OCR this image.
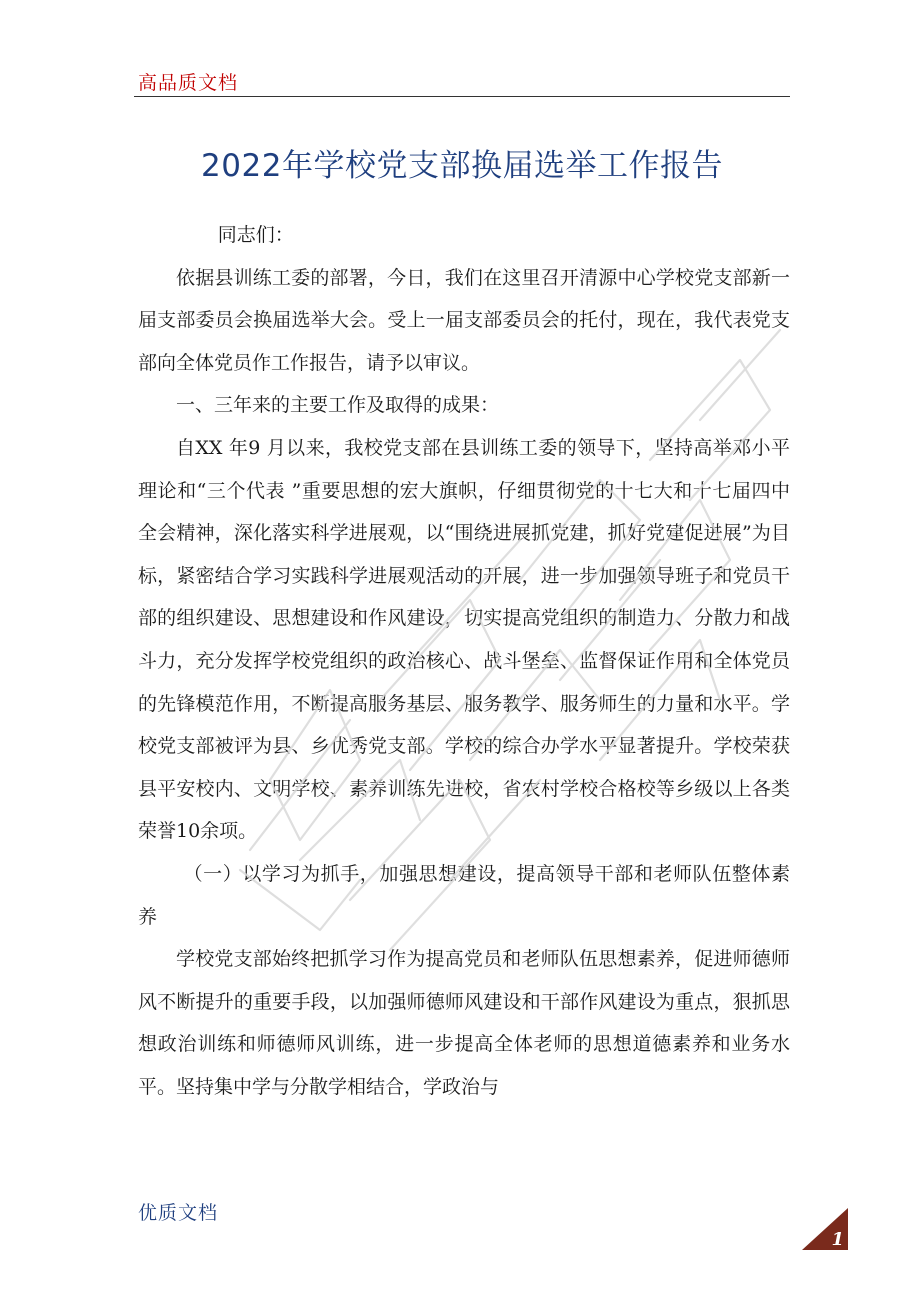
高品质文档
2022年学校党支部换届选举工作报告

同志们：

依据县训练工委的部署，今日，我们在这里召开清源中心学校党支部新一届支部委员会换届选举大会。受上一届支部委员会的托付，现在，我代表党支部向全体党员作工作报告，请予以审议。

一、三年来的主要工作及取得的成果：

自XX 年9 月以来，我校党支部在县训练工委的领导下，坚持高举邓小平理论和“三个代表 ”重要思想的宏大旗帜，仔细贯彻党的十七大和十七届四中全会精神，深化落实科学进展观，以“围绕进展抓党建，抓好党建促进展”为目标，紧密结合学习实践科学进展观活动的开展，进一步加强领导班子和党员干部的组织建设、思想建设和作风建设，切实提高党组织的制造力、分散力和战斗力，充分发挥学校党组织的政治核心、战斗堡垒、监督保证作用和全体党员的先锋模范作用，不断提高服务基层、服务教学、服务师生的力量和水平。学校党支部被评为县、乡优秀党支部。学校的综合办学水平显著提升。学校荣获县平安校内、文明学校、素养训练先进校，省农村学校合格校等乡级以上各类荣誉10余项。

（一）以学习为抓手，加强思想建设，提高领导干部和老师队伍整体素养

学校党支部始终把抓学习作为提高党员和老师队伍思想素养，促进师德师风不断提升的重要手段，以加强师德师风建设和干部作风建设为重点，狠抓思想政治训练和师德师风训练，进一步提高全体老师的思想道德素养和业务水平。坚持集中学与分散学相结合，学政治与

优质文档
1
